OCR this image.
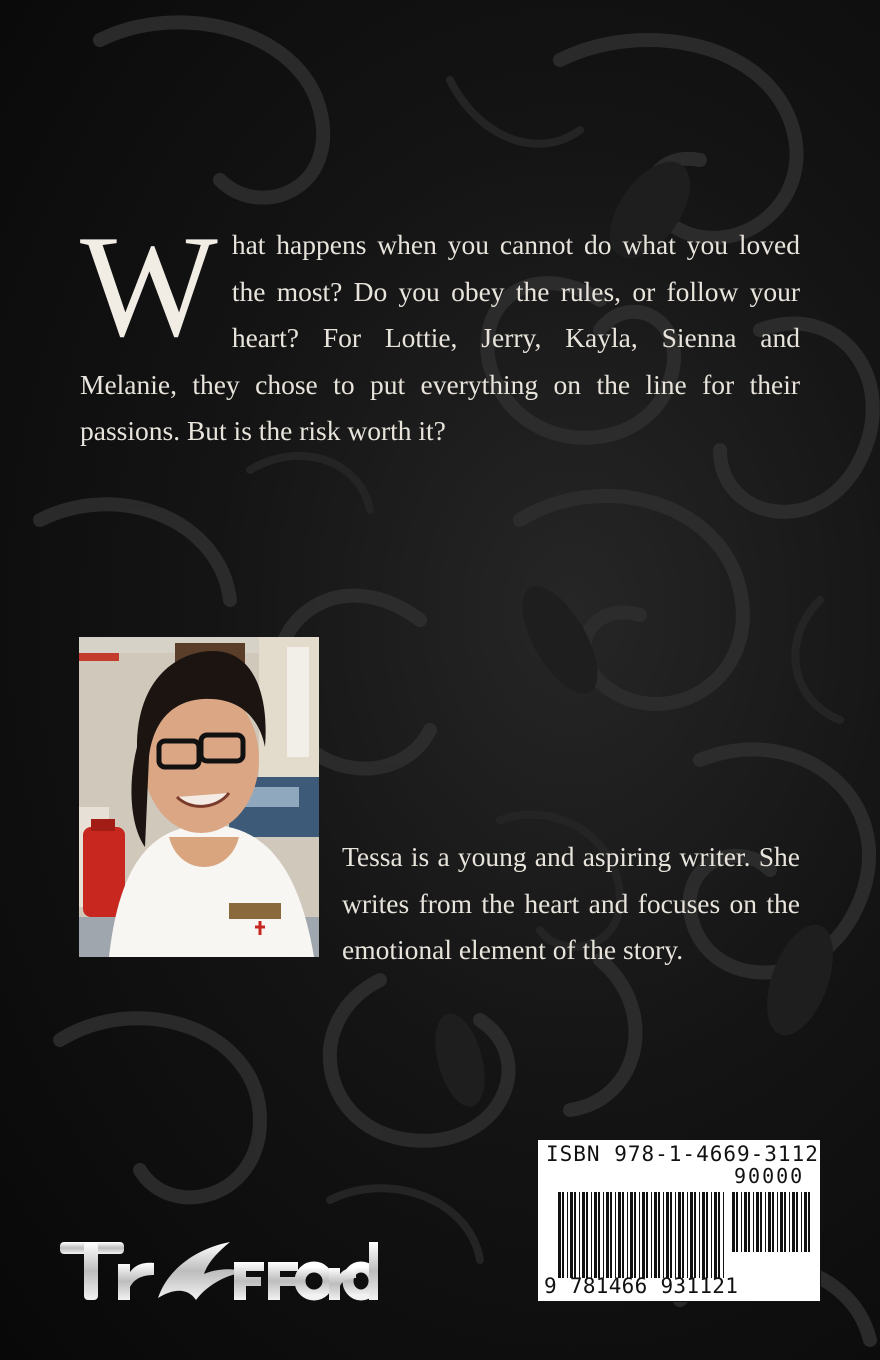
What happens when you cannot do what you loved the most? Do you obey the rules, or follow your heart? For Lottie, Jerry, Kayla, Sienna and Melanie, they chose to put everything on the line for their passions. But is the risk worth it?

Tessa is a young and aspiring writer. She writes from the heart and focuses on the emotional element of the story.

ISBN 978-1-4669-3112-1
90000
9 781466 931121
